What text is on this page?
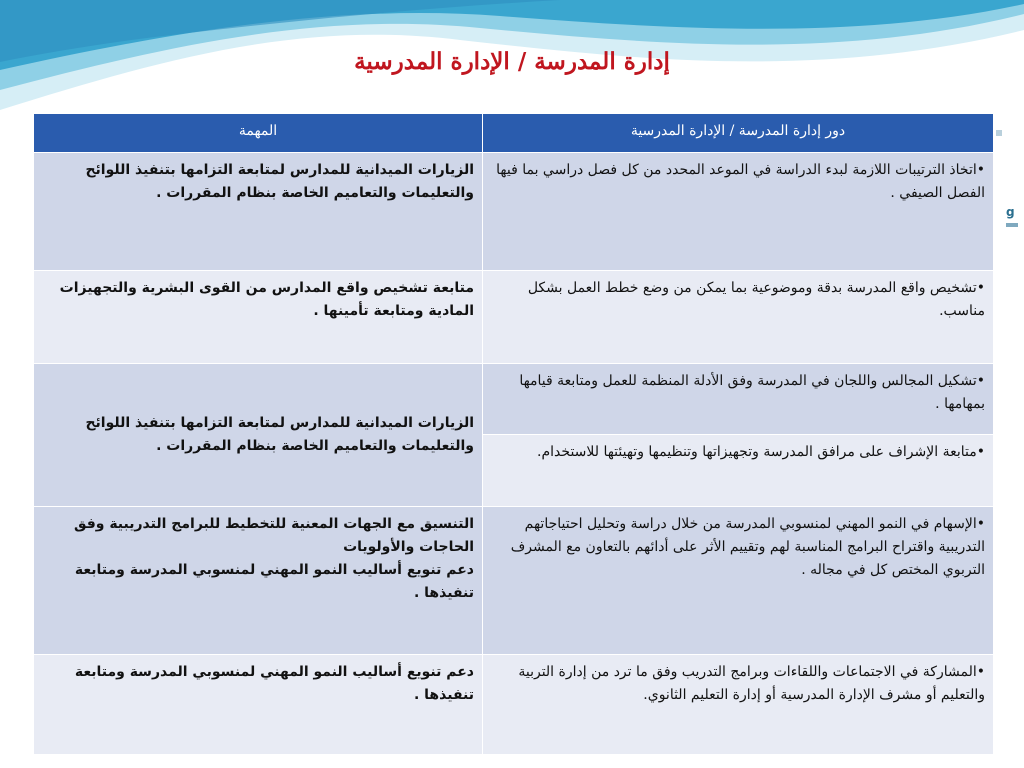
g
إدارة المدرسة / الإدارة المدرسية
دور إدارة المدرسة / الإدارة المدرسية	المهمة
•اتخاذ الترتيبات اللازمة لبدء الدراسة في الموعد المحدد من كل فصل دراسي بما فيها الفصل الصيفي .	الزيارات الميدانية للمدارس لمتابعة التزامها بتنفيذ اللوائح والتعليمات والتعاميم الخاصة بنظام المقررات .
•تشخيص واقع المدرسة بدقة وموضوعية بما يمكن من وضع خطط العمل بشكل مناسب.	متابعة تشخيص واقع المدارس من القوى البشرية والتجهيزات المادية ومتابعة تأمينها .
•تشكيل المجالس واللجان في المدرسة وفق الأدلة المنظمة للعمل ومتابعة قيامها بمهامها .	الزيارات الميدانية للمدارس لمتابعة التزامها بتنفيذ اللوائح والتعليمات والتعاميم الخاصة بنظام المقررات .
•متابعة الإشراف على مرافق المدرسة وتجهيزاتها وتنظيمها وتهيئتها للاستخدام.	
•الإسهام في النمو المهني لمنسوبي المدرسة من خلال دراسة وتحليل احتياجاتهم التدريبية واقتراح البرامج المناسبة لهم وتقييم الأثر على أدائهم بالتعاون مع المشرف التربوي المختص كل في مجاله .	التنسيق مع الجهات المعنية للتخطيط للبرامج التدريبية وفق الحاجات والأولويات
دعم تنويع أساليب النمو المهني لمنسوبي المدرسة ومتابعة تنفيذها .

•المشاركة في الاجتماعات واللقاءات وبرامج التدريب وفق ما ترد من إدارة التربية والتعليم أو مشرف الإدارة المدرسية أو إدارة التعليم الثانوي.	دعم تنويع أساليب النمو المهني لمنسوبي المدرسة ومتابعة تنفيذها .
